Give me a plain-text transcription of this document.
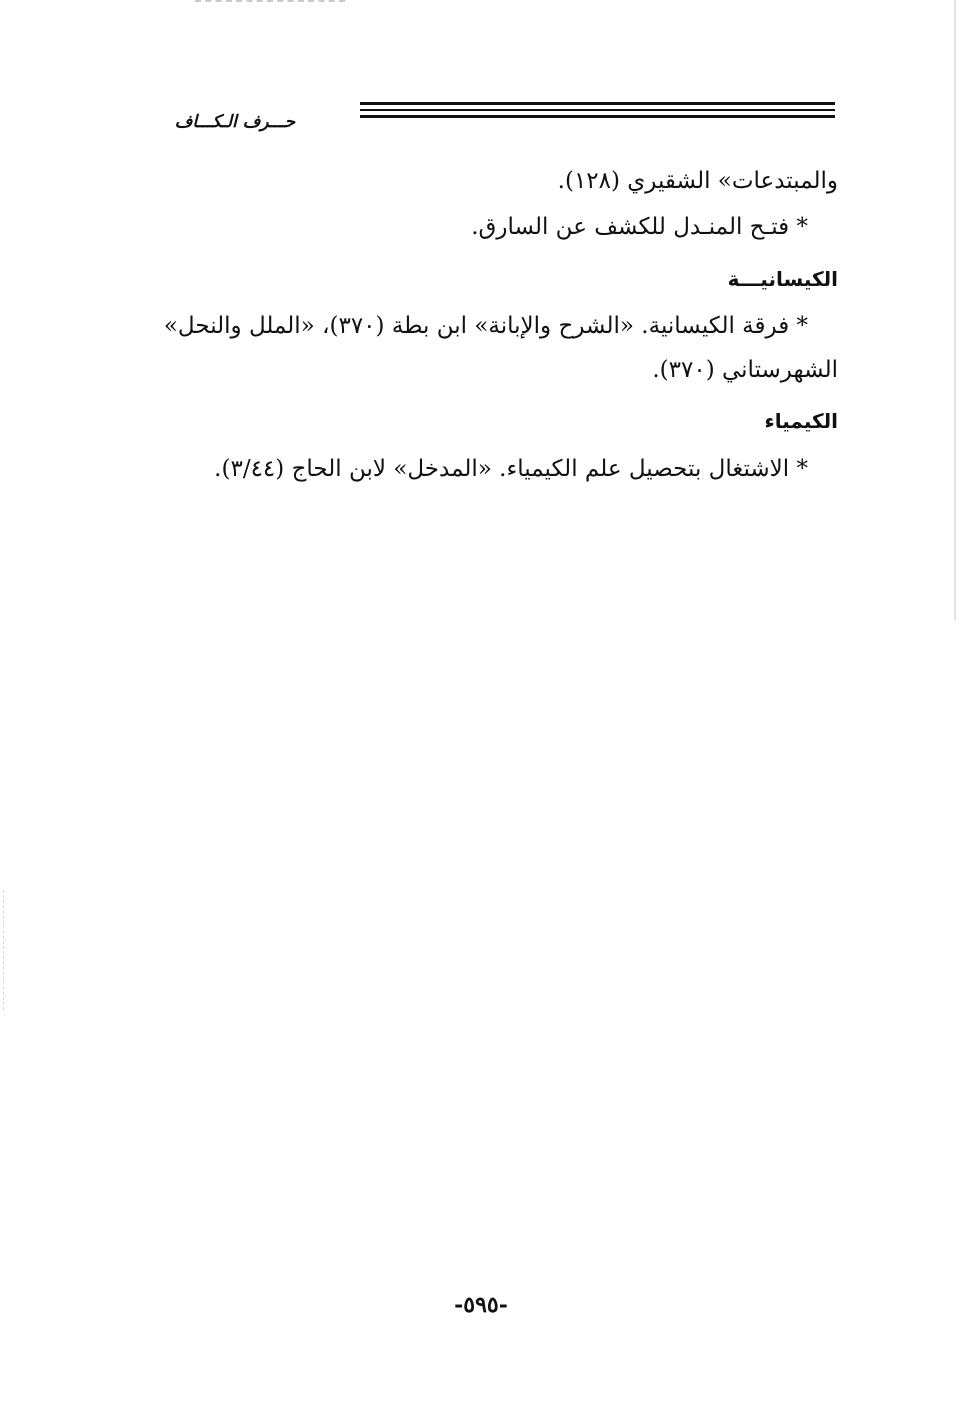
حـــرف الـكـــاف
والمبتدعات» الشقيري (١٢٨).
* فتـح المنـدل للكشف عن السارق.
الكيسانيـــة
* فرقة الكيسانية. «الشرح والإبانة» ابن بطة (٣٧٠)، «الملل والنحل»
الشهرستاني (٣٧٠).
الكيمياء
* الاشتغال بتحصيل علم الكيمياء. «المدخل» لابن الحاج (٣/٤٤).
-٥٩٥-
